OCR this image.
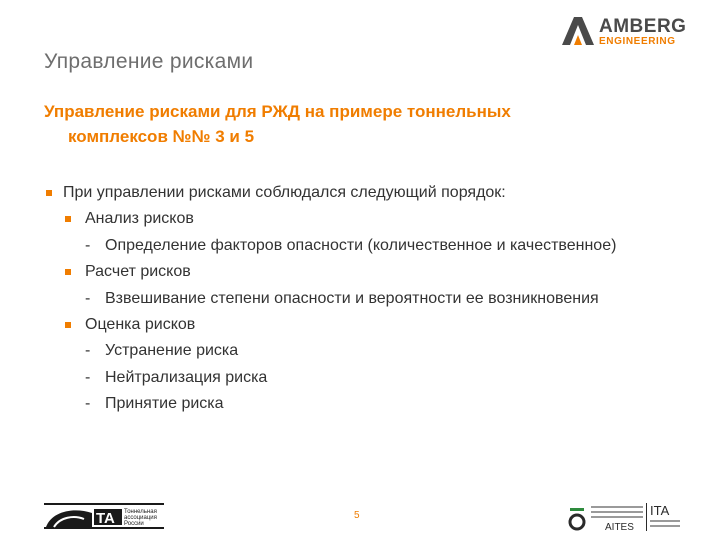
Управление рисками
AMBERG
ENGINEERING
Управление рисками для РЖД на примере тоннельных
комплексов №№ 3 и 5
При управлении рисками соблюдался следующий порядок:
Анализ рисков
- Определение факторов опасности (количественное и качественное)
Расчет рисков
- Взвешивание степени опасности и вероятности ее возникновения
Оценка рисков
- Устранение риска
- Нейтрализация риска
- Принятие риска
TA Тоннельная
ассоциация
России
5
AITES
ITA
